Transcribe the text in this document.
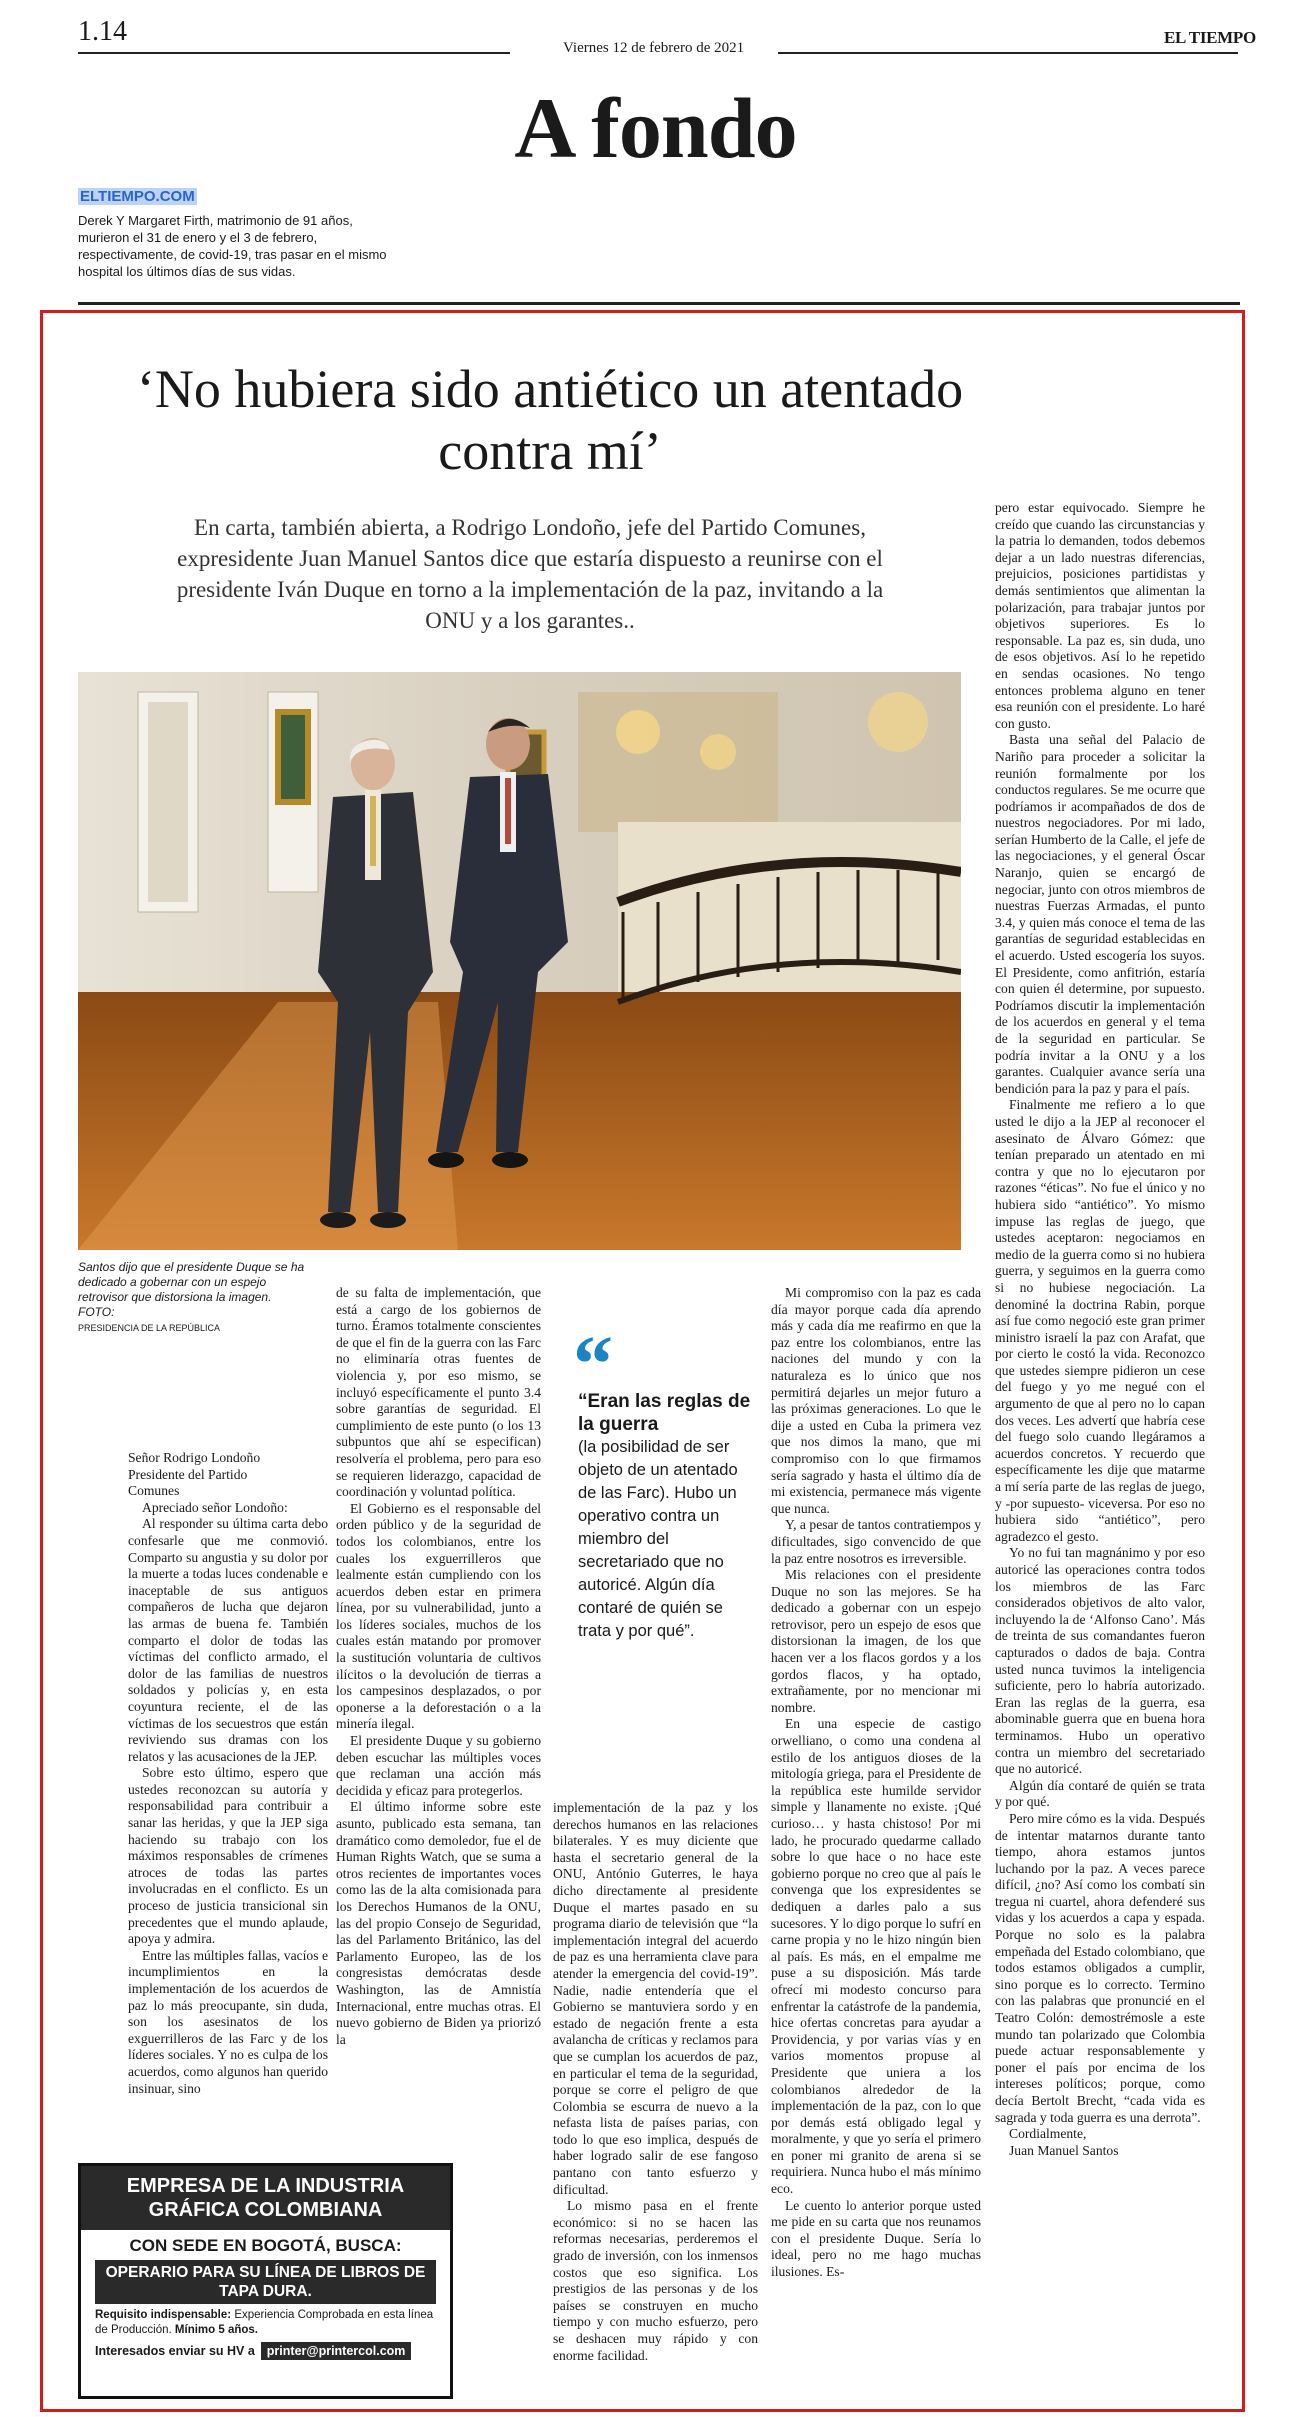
1.14
Viernes 12 de febrero de 2021
EL TIEMPO
A fondo
ELTIEMPO.COM
Derek Y Margaret Firth, matrimonio de 91 años, murieron el 31 de enero y el 3 de febrero, respectivamente, de covid-19, tras pasar en el mismo hospital los últimos días de sus vidas.
‘No hubiera sido antiético un atentado contra mí’
En carta, también abierta, a Rodrigo Londoño, jefe del Partido Comunes, expresidente Juan Manuel Santos dice que estaría dispuesto a reunirse con el presidente Iván Duque en torno a la implementación de la paz, invitando a la ONU y a los garantes..
Santos dijo que el presidente Duque se ha dedicado a gobernar con un espejo retrovisor que distorsiona la imagen. FOTO:
PRESIDENCIA DE LA REPÚBLICA

Señor Rodrigo Londoño

Presidente del Partido

Comunes

Apreciado señor Londoño:

Al responder su última carta debo confesarle que me conmovió. Comparto su angustia y su dolor por la muerte a todas luces condenable e inaceptable de sus antiguos compañeros de lucha que dejaron las armas de buena fe. También comparto el dolor de todas las víctimas del conflicto armado, el dolor de las familias de nuestros soldados y policías y, en esta coyuntura reciente, el de las víctimas de los secuestros que están reviviendo sus dramas con los relatos y las acusaciones de la JEP.

Sobre esto último, espero que ustedes reconozcan su autoría y responsabilidad para contribuir a sanar las heridas, y que la JEP siga haciendo su trabajo con los máximos responsables de crímenes atroces de todas las partes involucradas en el conflicto. Es un proceso de justicia transicional sin precedentes que el mundo aplaude, apoya y admira.

Entre las múltiples fallas, vacíos e incumplimientos en la implementación de los acuerdos de paz lo más preocupante, sin duda, son los asesinatos de los exguerrilleros de las Farc y de los líderes sociales. Y no es culpa de los acuerdos, como algunos han querido insinuar, sino

de su falta de implementación, que está a cargo de los gobiernos de turno. Éramos totalmente conscientes de que el fin de la guerra con las Farc no eliminaría otras fuentes de violencia y, por eso mismo, se incluyó específicamente el punto 3.4 sobre garantías de seguridad. El cumplimiento de este punto (o los 13 subpuntos que ahí se especifican) resolvería el problema, pero para eso se requieren liderazgo, capacidad de coordinación y voluntad política.

El Gobierno es el responsable del orden público y de la seguridad de todos los colombianos, entre los cuales los exguerrilleros que lealmente están cumpliendo con los acuerdos deben estar en primera línea, por su vulnerabilidad, junto a los líderes sociales, muchos de los cuales están matando por promover la sustitución voluntaria de cultivos ilícitos o la devolución de tierras a los campesinos desplazados, o por oponerse a la deforestación o a la minería ilegal.

El presidente Duque y su gobierno deben escuchar las múltiples voces que reclaman una acción más decidida y eficaz para protegerlos.

El último informe sobre este asunto, publicado esta semana, tan dramático como demoledor, fue el de Human Rights Watch, que se suma a otros recientes de importantes voces como las de la alta comisionada para los Derechos Humanos de la ONU, las del propio Consejo de Seguridad, las del Parlamento Británico, las del Parlamento Europeo, las de los congresistas demócratas desde Washington, las de Amnistía Internacional, entre muchas otras. El nuevo gobierno de Biden ya priorizó la

“
“Eran las reglas de la guerra
(la posibilidad de ser objeto de un atentado de las Farc). Hubo un operativo contra un miembro del secretariado que no autoricé. Algún día contaré de quién se trata y por qué”.

implementación de la paz y los derechos humanos en las relaciones bilaterales. Y es muy diciente que hasta el secretario general de la ONU, António Guterres, le haya dicho directamente al presidente Duque el martes pasado en su programa diario de televisión que “la implementación integral del acuerdo de paz es una herramienta clave para atender la emergencia del covid-19”. Nadie, nadie entendería que el Gobierno se mantuviera sordo y en estado de negación frente a esta avalancha de críticas y reclamos para que se cumplan los acuerdos de paz, en particular el tema de la seguridad, porque se corre el peligro de que Colombia se escurra de nuevo a la nefasta lista de países parias, con todo lo que eso implica, después de haber logrado salir de ese fangoso pantano con tanto esfuerzo y dificultad.

Lo mismo pasa en el frente económico: si no se hacen las reformas necesarias, perderemos el grado de inversión, con los inmensos costos que eso significa. Los prestigios de las personas y de los países se construyen en mucho tiempo y con mucho esfuerzo, pero se deshacen muy rápido y con enorme facilidad.

Mi compromiso con la paz es cada día mayor porque cada día aprendo más y cada día me reafirmo en que la paz entre los colombianos, entre las naciones del mundo y con la naturaleza es lo único que nos permitirá dejarles un mejor futuro a las próximas generaciones. Lo que le dije a usted en Cuba la primera vez que nos dimos la mano, que mi compromiso con lo que firmamos sería sagrado y hasta el último día de mi existencia, permanece más vigente que nunca.

Y, a pesar de tantos contratiempos y dificultades, sigo convencido de que la paz entre nosotros es irreversible.

Mis relaciones con el presidente Duque no son las mejores. Se ha dedicado a gobernar con un espejo retrovisor, pero un espejo de esos que distorsionan la imagen, de los que hacen ver a los flacos gordos y a los gordos flacos, y ha optado, extrañamente, por no mencionar mi nombre.

En una especie de castigo orwelliano, o como una condena al estilo de los antiguos dioses de la mitología griega, para el Presidente de la república este humilde servidor simple y llanamente no existe. ¡Qué curioso… y hasta chistoso! Por mi lado, he procurado quedarme callado sobre lo que hace o no hace este gobierno porque no creo que al país le convenga que los expresidentes se dediquen a darles palo a sus sucesores. Y lo digo porque lo sufrí en carne propia y no le hizo ningún bien al país. Es más, en el empalme me puse a su disposición. Más tarde ofrecí mi modesto concurso para enfrentar la catástrofe de la pandemia, hice ofertas concretas para ayudar a Providencia, y por varias vías y en varios momentos propuse al Presidente que uniera a los colombianos alrededor de la implementación de la paz, con lo que por demás está obligado legal y moralmente, y que yo sería el primero en poner mi granito de arena si se requiriera. Nunca hubo el más mínimo eco.

Le cuento lo anterior porque usted me pide en su carta que nos reunamos con el presidente Duque. Sería lo ideal, pero no me hago muchas ilusiones. Es-

pero estar equivocado. Siempre he creído que cuando las circunstancias y la patria lo demanden, todos debemos dejar a un lado nuestras diferencias, prejuicios, posiciones partidistas y demás sentimientos que alimentan la polarización, para trabajar juntos por objetivos superiores. Es lo responsable. La paz es, sin duda, uno de esos objetivos. Así lo he repetido en sendas ocasiones. No tengo entonces problema alguno en tener esa reunión con el presidente. Lo haré con gusto.

Basta una señal del Palacio de Nariño para proceder a solicitar la reunión formalmente por los conductos regulares. Se me ocurre que podríamos ir acompañados de dos de nuestros negociadores. Por mi lado, serían Humberto de la Calle, el jefe de las negociaciones, y el general Óscar Naranjo, quien se encargó de negociar, junto con otros miembros de nuestras Fuerzas Armadas, el punto 3.4, y quien más conoce el tema de las garantías de seguridad establecidas en el acuerdo. Usted escogería los suyos. El Presidente, como anfitrión, estaría con quien él determine, por supuesto. Podríamos discutir la implementación de los acuerdos en general y el tema de la seguridad en particular. Se podría invitar a la ONU y a los garantes. Cualquier avance sería una bendición para la paz y para el país.

Finalmente me refiero a lo que usted le dijo a la JEP al reconocer el asesinato de Álvaro Gómez: que tenían preparado un atentado en mi contra y que no lo ejecutaron por razones “éticas”. No fue el único y no hubiera sido “antiético”. Yo mismo impuse las reglas de juego, que ustedes aceptaron: negociamos en medio de la guerra como si no hubiera guerra, y seguimos en la guerra como si no hubiese negociación. La denominé la doctrina Rabin, porque así fue como negoció este gran primer ministro israelí la paz con Arafat, que por cierto le costó la vida. Reconozco que ustedes siempre pidieron un cese del fuego y yo me negué con el argumento de que al pero no lo capan dos veces. Les advertí que habría cese del fuego solo cuando llegáramos a acuerdos concretos. Y recuerdo que específicamente les dije que matarme a mí sería parte de las reglas de juego, y -por supuesto- viceversa. Por eso no hubiera sido “antiético”, pero agradezco el gesto.

Yo no fui tan magnánimo y por eso autoricé las operaciones contra todos los miembros de las Farc considerados objetivos de alto valor, incluyendo la de ‘Alfonso Cano’. Más de treinta de sus comandantes fueron capturados o dados de baja. Contra usted nunca tuvimos la inteligencia suficiente, pero lo habría autorizado. Eran las reglas de la guerra, esa abominable guerra que en buena hora terminamos. Hubo un operativo contra un miembro del secretariado que no autoricé.

Algún día contaré de quién se trata y por qué.

Pero mire cómo es la vida. Después de intentar matarnos durante tanto tiempo, ahora estamos juntos luchando por la paz. A veces parece difícil, ¿no? Así como los combatí sin tregua ni cuartel, ahora defenderé sus vidas y los acuerdos a capa y espada. Porque no solo es la palabra empeñada del Estado colombiano, que todos estamos obligados a cumplir, sino porque es lo correcto. Termino con las palabras que pronuncié en el Teatro Colón: demostrémosle a este mundo tan polarizado que Colombia puede actuar responsablemente y poner el país por encima de los intereses políticos; porque, como decía Bertolt Brecht, “cada vida es sagrada y toda guerra es una derrota”.

Cordialmente,

Juan Manuel Santos

EMPRESA DE LA INDUSTRIA GRÁFICA COLOMBIANA
CON SEDE EN BOGOTÁ, BUSCA:
OPERARIO PARA SU LÍNEA DE LIBROS DE TAPA DURA.
Requisito indispensable: Experiencia Comprobada en esta línea de Producción. Mínimo 5 años.
Interesados enviar su HV a printer@printercol.com
